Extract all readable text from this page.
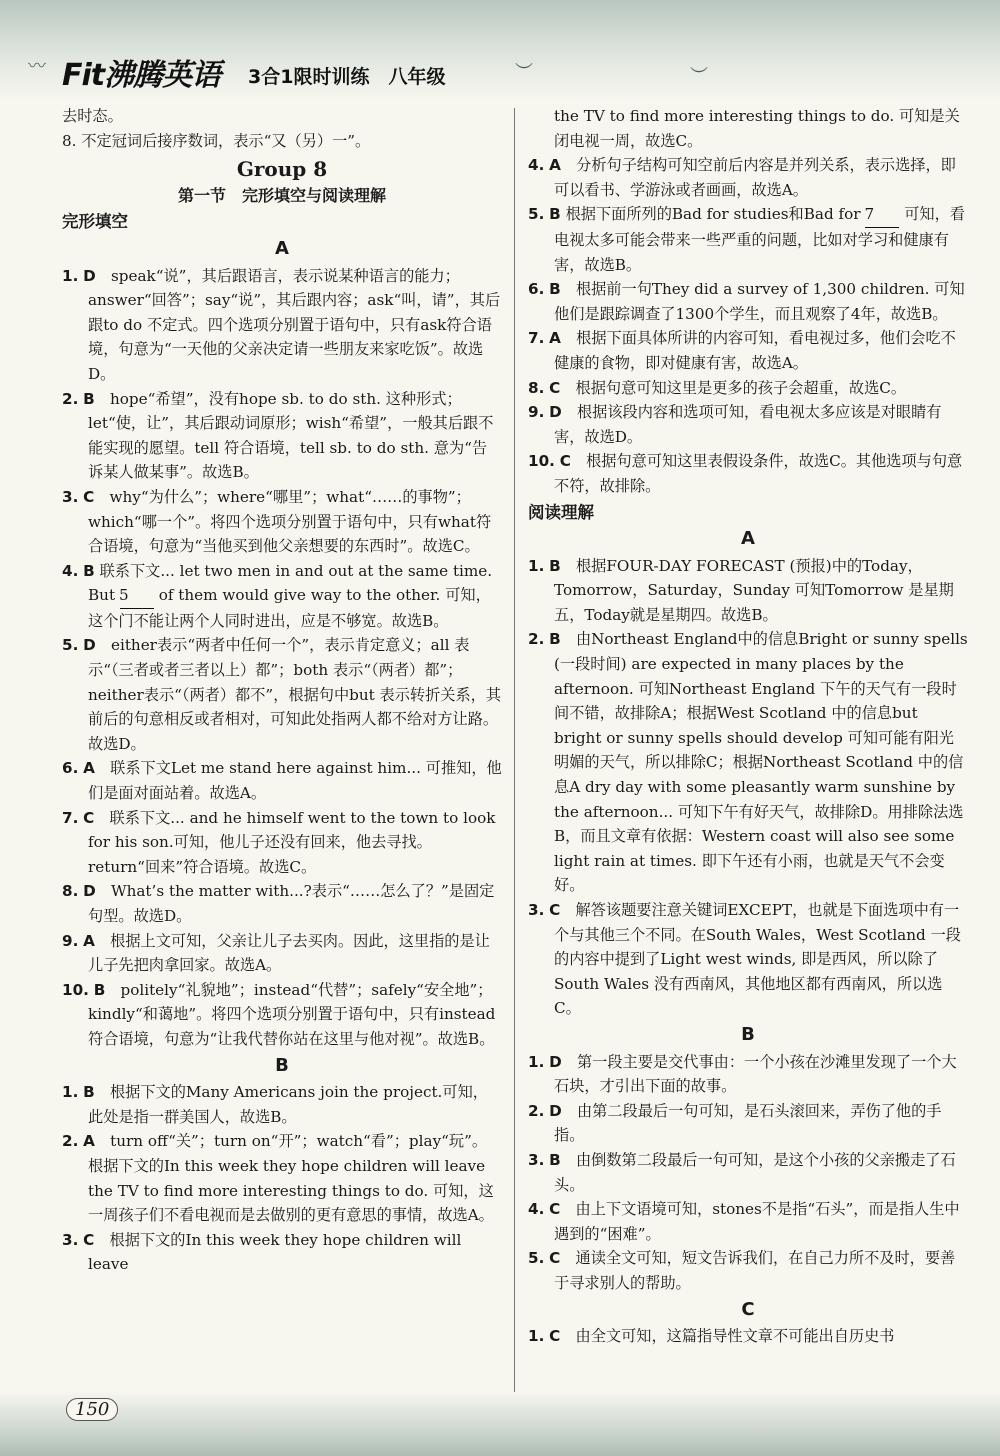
〰	︶	︶
Fit沸腾英语 3合1限时训练　八年级

去时态。

8. 不定冠词后接序数词，表示“又（另）一”。

Group 8
第一节　完形填空与阅读理解
完形填空
A

1. D　 speak“说”，其后跟语言，表示说某种语言的能力；answer“回答”；say“说”，其后跟内容；ask“叫，请”，其后跟to do 不定式。四个选项分别置于语句中，只有ask符合语境，句意为“一天他的父亲决定请一些朋友来家吃饭”。故选D。

2. B　 hope“希望”，没有hope sb. to do sth. 这种形式；let“使，让”，其后跟动词原形；wish“希望”，一般其后跟不能实现的愿望。tell 符合语境，tell sb. to do sth. 意为“告诉某人做某事”。故选B。

3. C　 why“为什么”；where“哪里”；what“……的事物”；which“哪一个”。将四个选项分别置于语句中，只有what符合语境，句意为“当他买到他父亲想要的东西时”。故选C。

4. B 联系下文... let two men in and out at the same time. But 5 of them would give way to the other. 可知，这个门不能让两个人同时进出，应是不够宽。故选B。

5. D　 either表示“两者中任何一个”，表示肯定意义；all 表示“（三者或者三者以上）都”；both 表示“（两者）都”；neither表示“（两者）都不”，根据句中but 表示转折关系，其前后的句意相反或者相对，可知此处指两人都不给对方让路。故选D。

6. A　 联系下文Let me stand here against him... 可推知，他们是面对面站着。故选A。

7. C　 联系下文... and he himself went to the town to look for his son.可知，他儿子还没有回来，他去寻找。return“回来”符合语境。故选C。

8. D　 What’s the matter with...?表示“……怎么了？”是固定句型。故选D。

9. A　 根据上文可知，父亲让儿子去买肉。因此，这里指的是让儿子先把肉拿回家。故选A。

10. B　 politely“礼貌地”；instead“代替”；safely“安全地”；kindly“和蔼地”。将四个选项分别置于语句中，只有instead符合语境，句意为“让我代替你站在这里与他对视”。故选B。

B

1. B　 根据下文的Many Americans join the project.可知，此处是指一群美国人，故选B。

2. A　 turn off“关”；turn on“开”；watch“看”；play“玩”。根据下文的In this week they hope children will leave the TV to find more interesting things to do. 可知，这一周孩子们不看电视而是去做别的更有意思的事情，故选A。

3. C　 根据下文的In this week they hope children will leave

the TV to find more interesting things to do. 可知是关闭电视一周，故选C。

4. A　 分析句子结构可知空前后内容是并列关系，表示选择，即可以看书、学游泳或者画画，故选A。

5. B 根据下面所列的Bad for studies和Bad for 7 可知，看电视太多可能会带来一些严重的问题，比如对学习和健康有害，故选B。

6. B　 根据前一句They did a survey of 1,300 children. 可知他们是跟踪调查了1300个学生，而且观察了4年，故选B。

7. A　 根据下面具体所讲的内容可知，看电视过多，他们会吃不健康的食物，即对健康有害，故选A。

8. C　 根据句意可知这里是更多的孩子会超重，故选C。

9. D　 根据该段内容和选项可知，看电视太多应该是对眼睛有害，故选D。

10. C　 根据句意可知这里表假设条件，故选C。其他选项与句意不符，故排除。

阅读理解
A

1. B　 根据FOUR-DAY FORECAST (预报)中的Today，Tomorrow，Saturday，Sunday 可知Tomorrow 是星期五，Today就是星期四。故选B。

2. B　 由Northeast England中的信息Bright or sunny spells (一段时间) are expected in many places by the afternoon. 可知Northeast England 下午的天气有一段时间不错，故排除A；根据West Scotland 中的信息but bright or sunny spells should develop 可知可能有阳光明媚的天气，所以排除C；根据Northeast Scotland 中的信息A dry day with some pleasantly warm sunshine by the afternoon... 可知下午有好天气，故排除D。用排除法选B，而且文章有依据：Western coast will also see some light rain at times. 即下午还有小雨，也就是天气不会变好。

3. C　 解答该题要注意关键词EXCEPT，也就是下面选项中有一个与其他三个不同。在South Wales，West Scotland 一段的内容中提到了Light west winds, 即是西风，所以除了South Wales 没有西南风，其他地区都有西南风，所以选C。

B

1. D　 第一段主要是交代事由：一个小孩在沙滩里发现了一个大石块，才引出下面的故事。

2. D　 由第二段最后一句可知，是石头滚回来，弄伤了他的手指。

3. B　 由倒数第二段最后一句可知，是这个小孩的父亲搬走了石头。

4. C　 由上下文语境可知，stones不是指“石头”，而是指人生中遇到的“困难”。

5. C　 通读全文可知，短文告诉我们，在自己力所不及时，要善于寻求别人的帮助。

C

1. C　 由全文可知，这篇指导性文章不可能出自历史书

150
